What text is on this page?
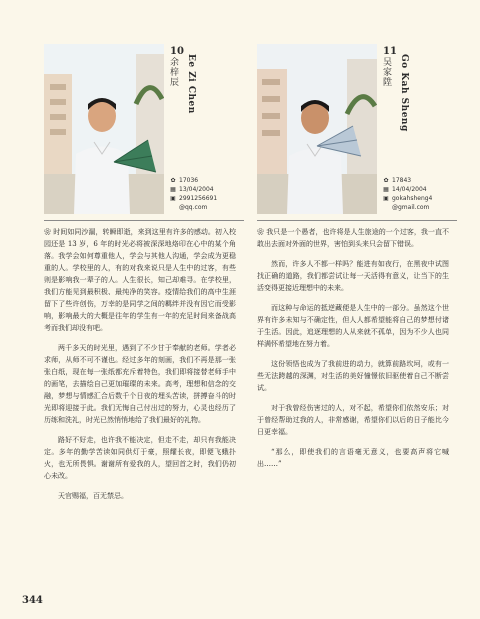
10
余梓辰 Ee Zi Chen
✿ 17036
▦ 13/04/2004
▣ 2991256691
@qq.com

❀ 时间如同沙漏，转瞬即逝，来到这里有许多的感动。初入校园还是 13 岁，6 年的时光必将被深深地烙印在心中的某个角落。我学会如何尊重他人，学会与其他人沟通，学会成为更稳重的人。学校里的人，有的对我来说只是人生中的过客，有些则是影响我一辈子的人。人生很长，知己却难寻。在学校里，我们方能见到最积极、最纯净的笑容。疫情给我们的高中生涯留下了些许创伤，万幸的是同学之间的羁绊并没有因它而受影响，影响最大的大概是往年的学生有一年的充足时间来备战高考而我们却没有吧。

两千多天的时光里，遇到了不少甘于奉献的老师。学者必求师，从师不可不谨也。经过多年的刻画，我们不再是那一张张白纸，现在每一张纸都充斥着特色，我们即将接替老师手中的画笔，去描绘自己更加璀璨的未来。高考，理想和信念的交融，梦想与情感汇合后数千个日夜的埋头苦读，拼搏奋斗的时光即将迎接于此。我们无悔自己付出过的努力，心灵也经历了历练和洗礼，时光已然悄悄地给了我们最好的礼物。

路好不好走，也许我不能决定，但走不走，却只有我能决定。多年的勤学苦读如同供灯于豪，照耀长夜，即便飞蛾扑火，也无所畏惧。谢谢所有爱我的人，望回首之时，我们仍初心未改。

天官赐福，百无禁忌。

11
吴家陞 Go Kah Sheng
✿ 17843
▦ 14/04/2004
▣ gokahsheng4
@gmail.com

❀ 我只是一个愚者，也许将是人生旅途的一个过客，我一直不敢出去面对外面的世界，害怕到头来只会留下错误。

然而，许多人不都一样吗？能进有如夜行，在黑夜中试图找正确的道路，我们都尝试让每一天活得有意义，让当下的生活变得更接近理想中的未来。

而这种与命运的抵逆藏便是人生中的一部分。虽然这个世界有许多未知与不确定性，但人人都希望能将自己的梦想付诸于生活。因此，追逐理想的人从来就不孤单，因为不少人也同样满怀希望地在努力着。

这份领悟也成为了我前进的动力，就算前路坎坷，或有一些无法跨越的深渊，对生活的美好憧憬依旧驱使着自己不断尝试。

对于我曾经伤害过的人，对不起，希望你们依然安乐；对于曾经帮助过我的人，非常感谢，希望你们以后的日子能比今日更幸福。

“那么，即使我们的言语毫无意义，也要高声将它喊出……”

344
